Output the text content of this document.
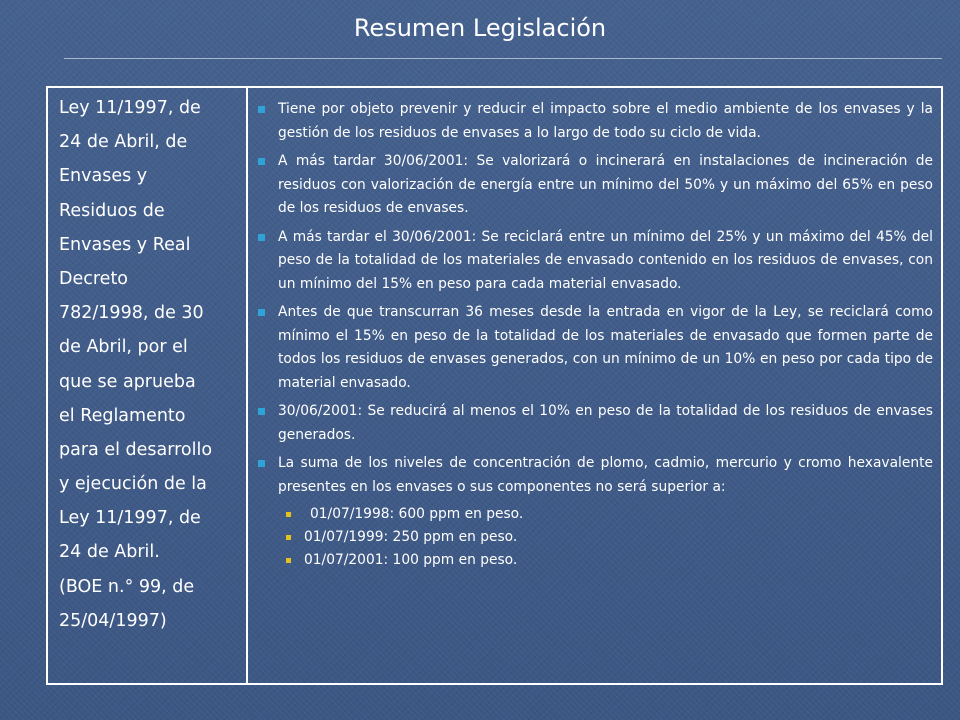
Resumen Legislación
Ley 11/1997, de
24 de Abril, de
Envases y
Residuos de
Envases y Real
Decreto
782/1998, de 30
de Abril, por el
que se aprueba
el Reglamento
para el desarrollo
y ejecución de la
Ley 11/1997, de
24 de Abril.
(BOE n.° 99, de
25/04/1997)
Tiene por objeto prevenir y reducir el impacto sobre el medio ambiente de los envases y la gestión de los residuos de envases a lo largo de todo su ciclo de vida.
A más tardar 30/06/2001: Se valorizará o incinerará en instalaciones de incineración de residuos con valorización de energía entre un mínimo del 50% y un máximo del 65% en peso de los residuos de envases.
A más tardar el 30/06/2001: Se reciclará entre un mínimo del 25% y un máximo del 45% del peso de la totalidad de los materiales de envasado contenido en los residuos de envases, con un mínimo del 15% en peso para cada material envasado.
Antes de que transcurran 36 meses desde la entrada en vigor de la Ley, se reciclará como mínimo el 15% en peso de la totalidad de los materiales de envasado que formen parte de todos los residuos de envases generados, con un mínimo de un 10% en peso por cada tipo de material envasado.
30/06/2001: Se reducirá al menos el 10% en peso de la totalidad de los residuos de envases generados.
La suma de los niveles de concentración de plomo, cadmio, mercurio y cromo hexavalente presentes en los envases o sus componentes no será superior a:
01/07/1998: 600 ppm en peso.
01/07/1999: 250 ppm en peso.
01/07/2001: 100 ppm en peso.
